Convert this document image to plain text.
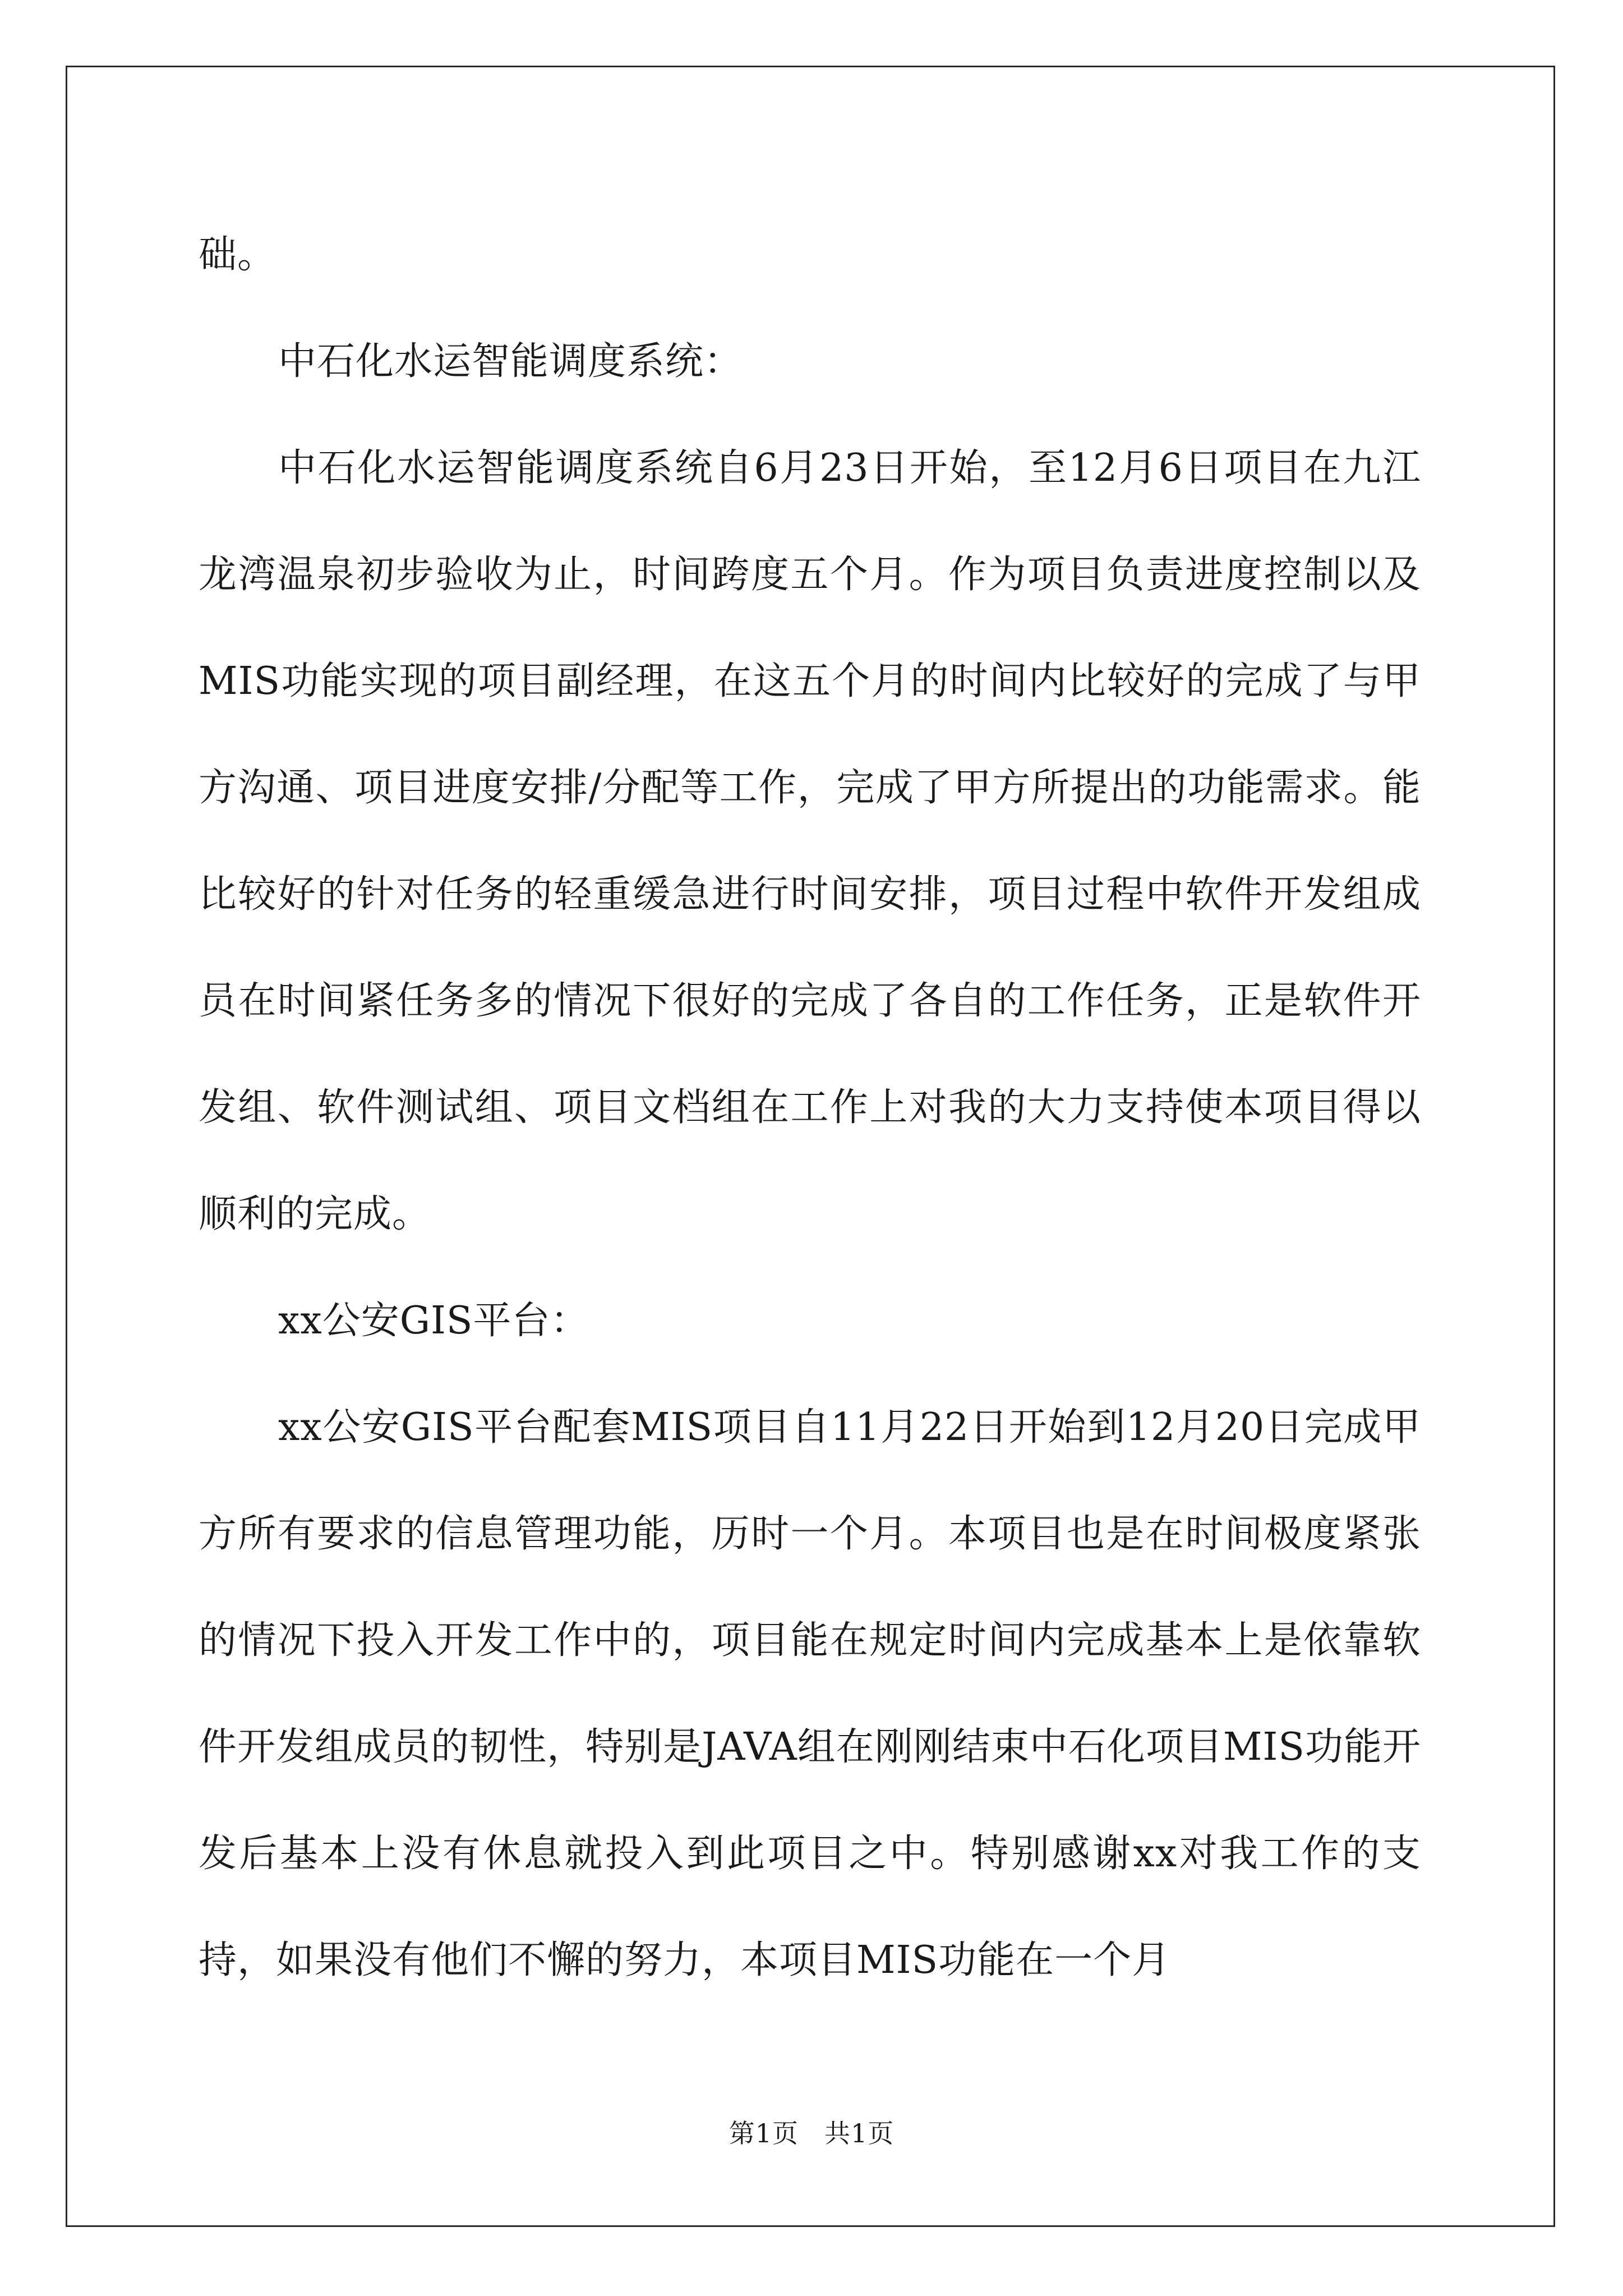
础。

中石化水运智能调度系统：

中石化水运智能调度系统自6月23日开始，至12月6日项目在九江龙湾温泉初步验收为止，时间跨度五个月。作为项目负责进度控制以及MIS功能实现的项目副经理，在这五个月的时间内比较好的完成了与甲方沟通、项目进度安排/分配等工作，完成了甲方所提出的功能需求。能比较好的针对任务的轻重缓急进行时间安排，项目过程中软件开发组成员在时间紧任务多的情况下很好的完成了各自的工作任务，正是软件开发组、软件测试组、项目文档组在工作上对我的大力支持使本项目得以顺利的完成。

xx公安GIS平台：

xx公安GIS平台配套MIS项目自11月22日开始到12月20日完成甲方所有要求的信息管理功能，历时一个月。本项目也是在时间极度紧张的情况下投入开发工作中的，项目能在规定时间内完成基本上是依靠软件开发组成员的韧性，特别是JAVA组在刚刚结束中石化项目MIS功能开发后基本上没有休息就投入到此项目之中。特别感谢xx对我工作的支持，如果没有他们不懈的努力，本项目MIS功能在一个月

第1页 共1页
